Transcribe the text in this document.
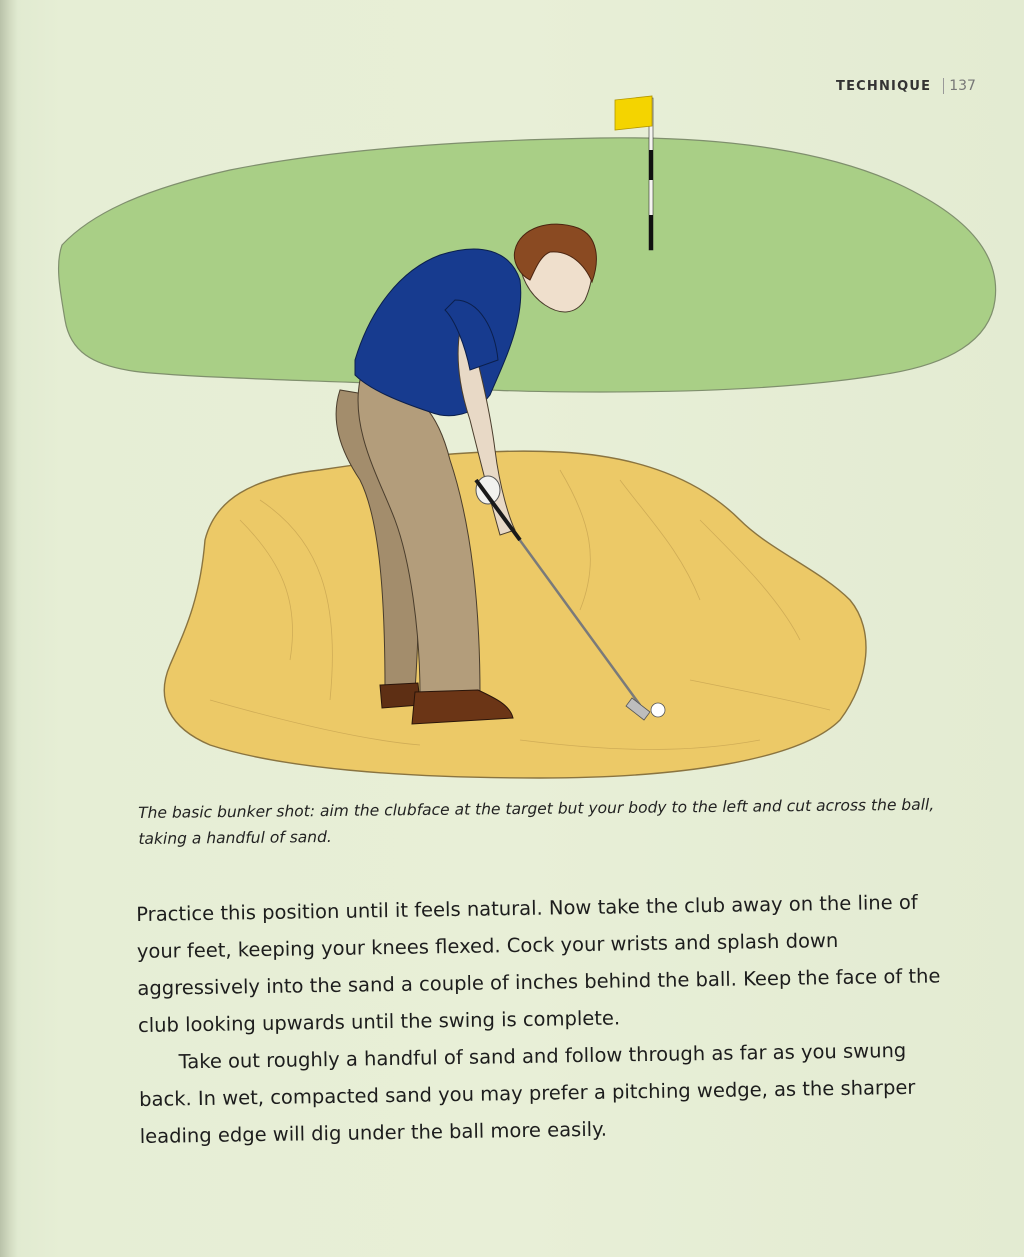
TECHNIQUE	137
The basic bunker shot: aim the clubface at the target but your body to the left and cut across the ball, taking a handful of sand.

Practice this position until it feels natural. Now take the club away on the line of your feet, keeping your knees flexed. Cock your wrists and splash down aggressively into the sand a couple of inches behind the ball. Keep the face of the club looking upwards until the swing is complete.

Take out roughly a handful of sand and follow through as far as you swung back. In wet, compacted sand you may prefer a pitching wedge, as the sharper leading edge will dig under the ball more easily.
